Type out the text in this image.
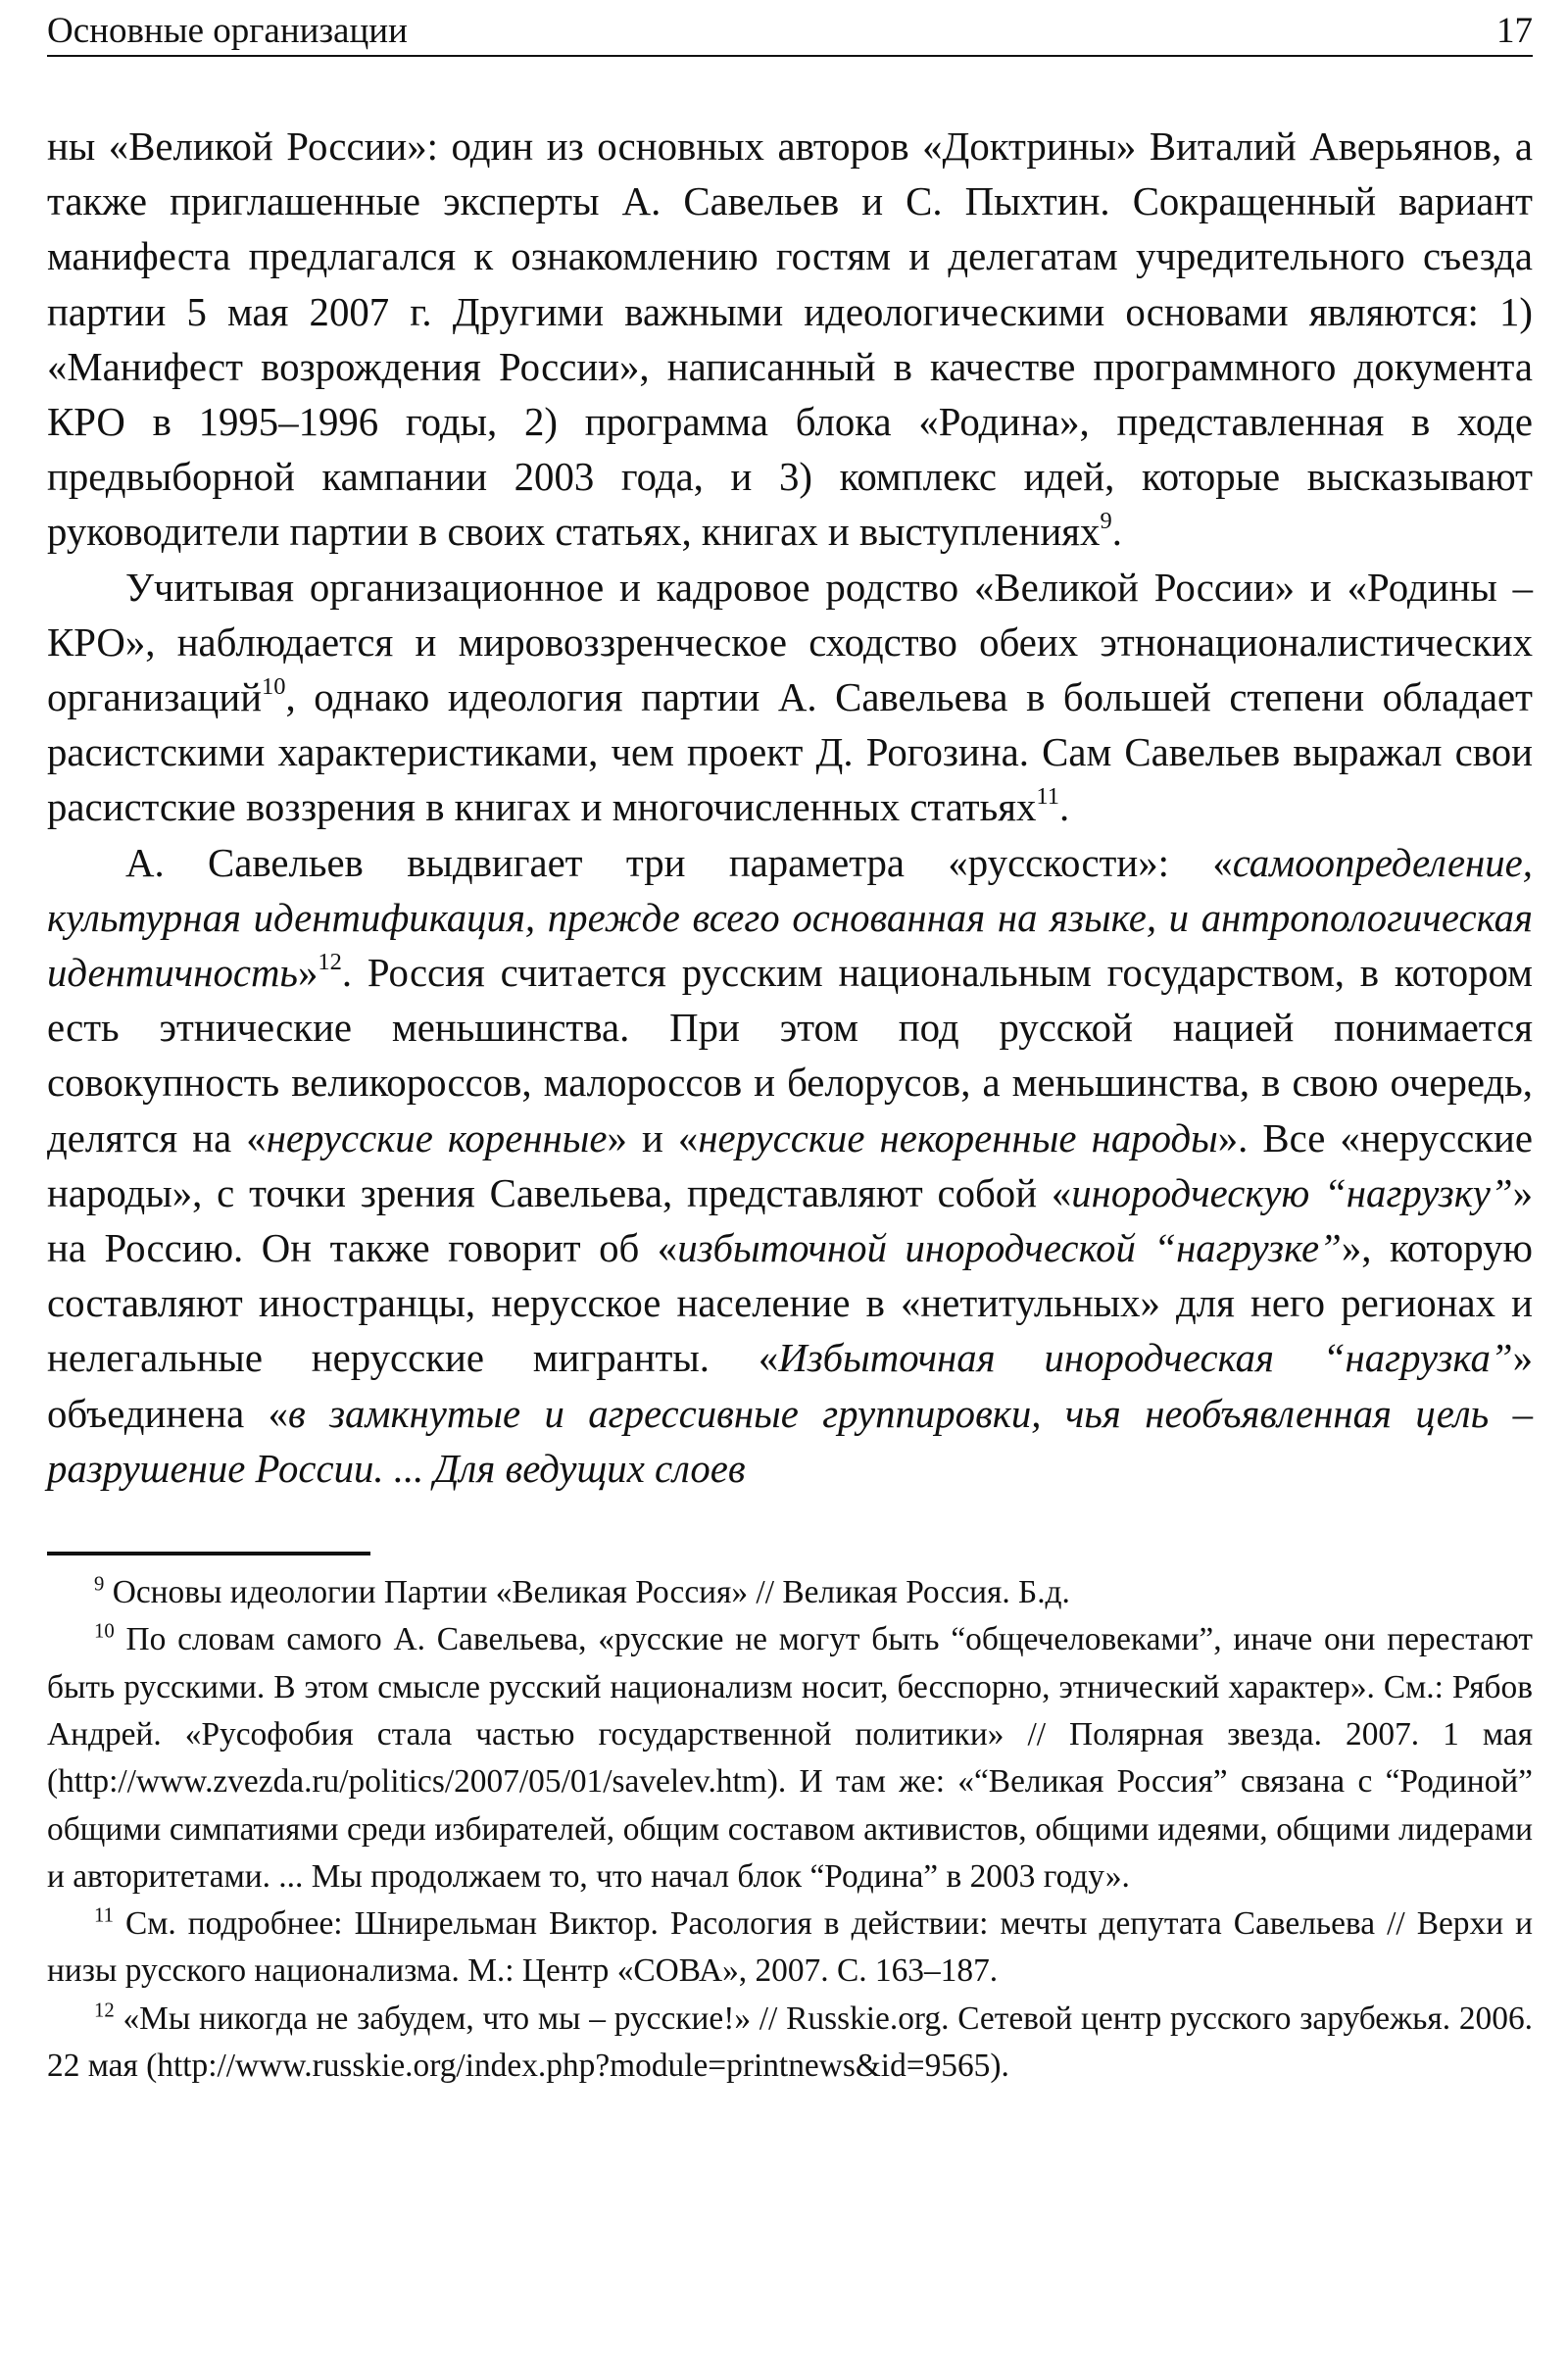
Основные организации	17

ны «Великой России»: один из основных авторов «Доктрины» Виталий Аверьянов, а также приглашенные эксперты А. Савельев и С. Пыхтин. Сокращенный вариант манифеста предлагался к ознакомлению гостям и делегатам учредительного съезда партии 5 мая 2007 г. Другими важными идеологическими основами являются: 1) «Манифест возрождения России», написанный в качестве программного документа КРО в 1995–1996 годы, 2) программа блока «Родина», представленная в ходе предвыборной кампании 2003 года, и 3) комплекс идей, которые высказывают руководители партии в своих статьях, книгах и выступлениях$^9$.

Учитывая организационное и кадровое родство «Великой России» и «Родины – КРО», наблюдается и мировоззренческое сходство обеих этнонационалистических организаций$^{10}$, однако идеология партии А. Савельева в большей степени обладает расистскими характеристиками, чем проект Д. Рогозина. Сам Савельев выражал свои расистские воззрения в книгах и многочисленных статьях$^{11}$.

А. Савельев выдвигает три параметра «русскости»: «самоопределение, культурная идентификация, прежде всего основанная на языке, и антропологическая идентичность»$^{12}$. Россия считается русским национальным государством, в котором есть этнические меньшинства. При этом под русской нацией понимается совокупность великороссов, малороссов и белорусов, а меньшинства, в свою очередь, делятся на «нерусские коренные» и «нерусские некоренные народы». Все «нерусские народы», с точки зрения Савельева, представляют собой «инородческую “нагрузку”» на Россию. Он также говорит об «избыточной инородческой “нагрузке”», которую составляют иностранцы, нерусское население в «нетитульных» для него регионах и нелегальные нерусские мигранты. «Избыточная инородческая “нагрузка”» объединена «в замкнутые и агрессивные группировки, чья необъявленная цель – разрушение России. ... Для ведущих слоев

$^9$ Основы идеологии Партии «Великая Россия» // Великая Россия. Б.д.

$^{10}$ По словам самого А. Савельева, «русские не могут быть “общечеловеками”, иначе они перестают быть русскими. В этом смысле русский национализм носит, бесспорно, этнический характер». См.: Рябов Андрей. «Русофобия стала частью государственной политики» // Полярная звезда. 2007. 1 мая (http://www.zvezda.ru/politics/2007/05/01/savelev.htm). И там же: «“Великая Россия” связана с “Родиной” общими симпатиями среди избирателей, общим составом активистов, общими идеями, общими лидерами и авторитетами. ... Мы продолжаем то, что начал блок “Родина” в 2003 году».

$^{11}$ См. подробнее: Шнирельман Виктор. Расология в действии: мечты депутата Савельева // Верхи и низы русского национализма. М.: Центр «СОВА», 2007. С. 163–187.

$^{12}$ «Мы никогда не забудем, что мы – русские!» // Russkie.org. Сетевой центр русского зарубежья. 2006. 22 мая (http://www.russkie.org/index.php?module=printnews&id=9565).
